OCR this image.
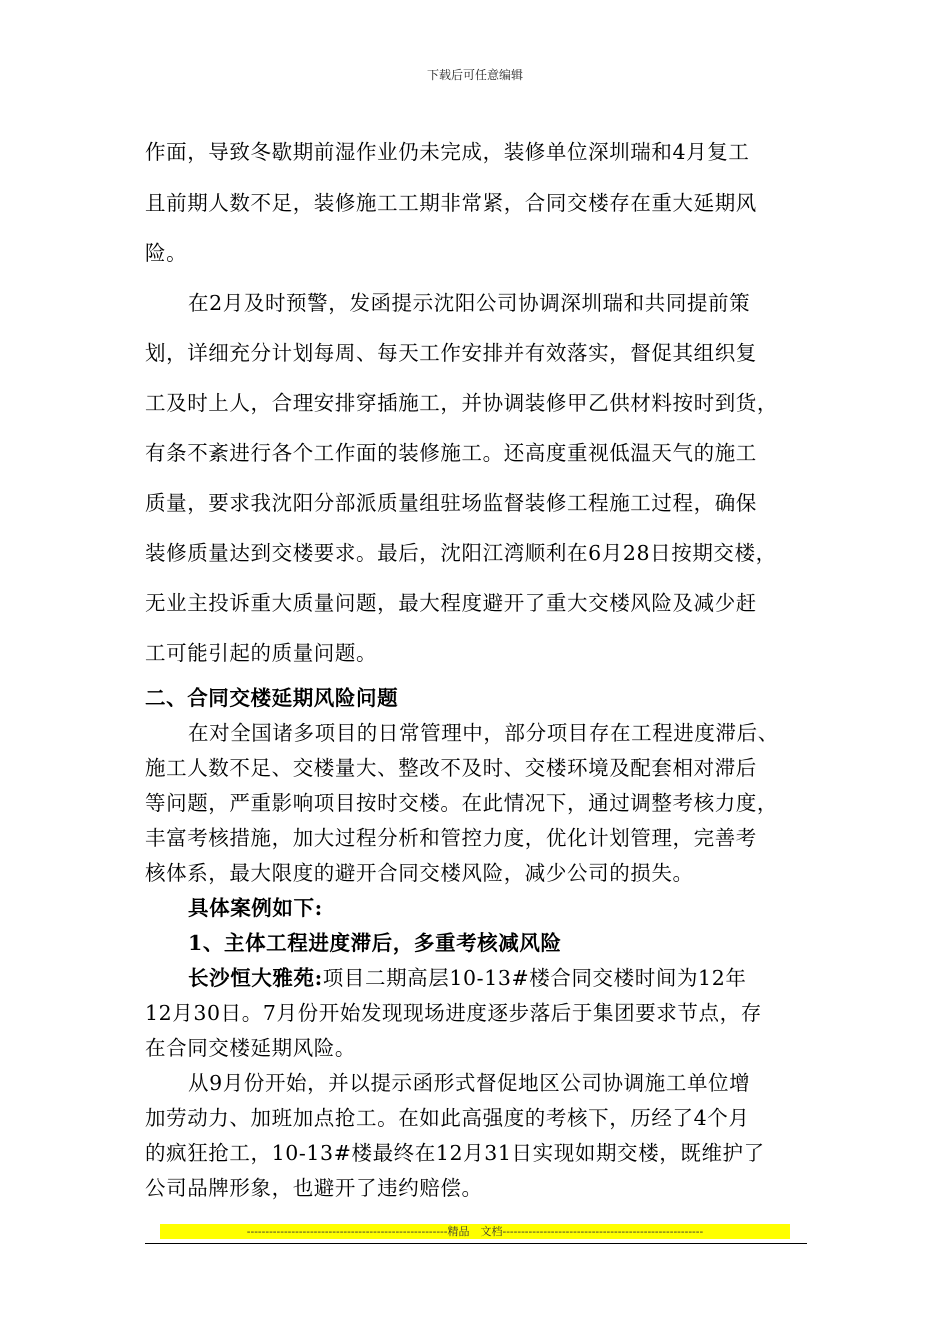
下载后可任意编辑
作面，导致冬歇期前湿作业仍未完成，装修单位深圳瑞和4月复工
且前期人数不足，装修施工工期非常紧，合同交楼存在重大延期风
险。
在2月及时预警，发函提示沈阳公司协调深圳瑞和共同提前策
划，详细充分计划每周、每天工作安排并有效落实，督促其组织复
工及时上人，合理安排穿插施工，并协调装修甲乙供材料按时到货，
有条不紊进行各个工作面的装修施工。还高度重视低温天气的施工
质量，要求我沈阳分部派质量组驻场监督装修工程施工过程，确保
装修质量达到交楼要求。最后，沈阳江湾顺利在6月28日按期交楼，
无业主投诉重大质量问题，最大程度避开了重大交楼风险及减少赶
工可能引起的质量问题。
二、合同交楼延期风险问题
在对全国诸多项目的日常管理中，部分项目存在工程进度滞后、
施工人数不足、交楼量大、整改不及时、交楼环境及配套相对滞后
等问题，严重影响项目按时交楼。在此情况下，通过调整考核力度，
丰富考核措施，加大过程分析和管控力度，优化计划管理，完善考
核体系，最大限度的避开合同交楼风险，减少公司的损失。
具体案例如下:
1、主体工程进度滞后，多重考核减风险
长沙恒大雅苑:项目二期高层10-13#楼合同交楼时间为12年
12月30日。7月份开始发现现场进度逐步落后于集团要求节点，存
在合同交楼延期风险。
从9月份开始，并以提示函形式督促地区公司协调施工单位增
加劳动力、加班加点抢工。在如此高强度的考核下，历经了4个月
的疯狂抢工，10-13#楼最终在12月31日实现如期交楼，既维护了
公司品牌形象，也避开了违约赔偿。
------------------------------------------------------精品　文档------------------------------------------------------
